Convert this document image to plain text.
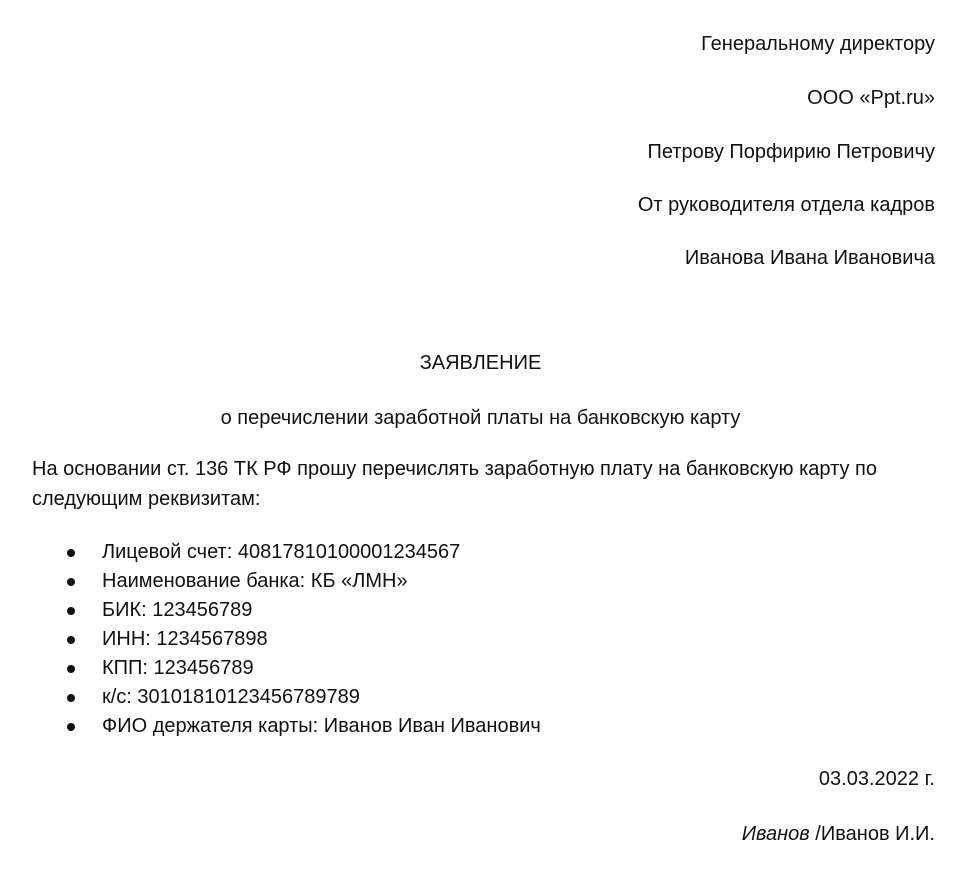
Генеральному директору
ООО «Ppt.ru»
Петрову Порфирию Петровичу
От руководителя отдела кадров
Иванова Ивана Ивановича
ЗАЯВЛЕНИЕ
о перечислении заработной платы на банковскую карту
На основании ст. 136 ТК РФ прошу перечислять заработную плату на банковскую карту по следующим реквизитам:
Лицевой счет: 40817810100001234567
Наименование банка: КБ «ЛМН»
БИК: 123456789
ИНН: 1234567898
КПП: 123456789
к/с: 30101810123456789789
ФИО держателя карты: Иванов Иван Иванович
03.03.2022 г.
Иванов /Иванов И.И.
